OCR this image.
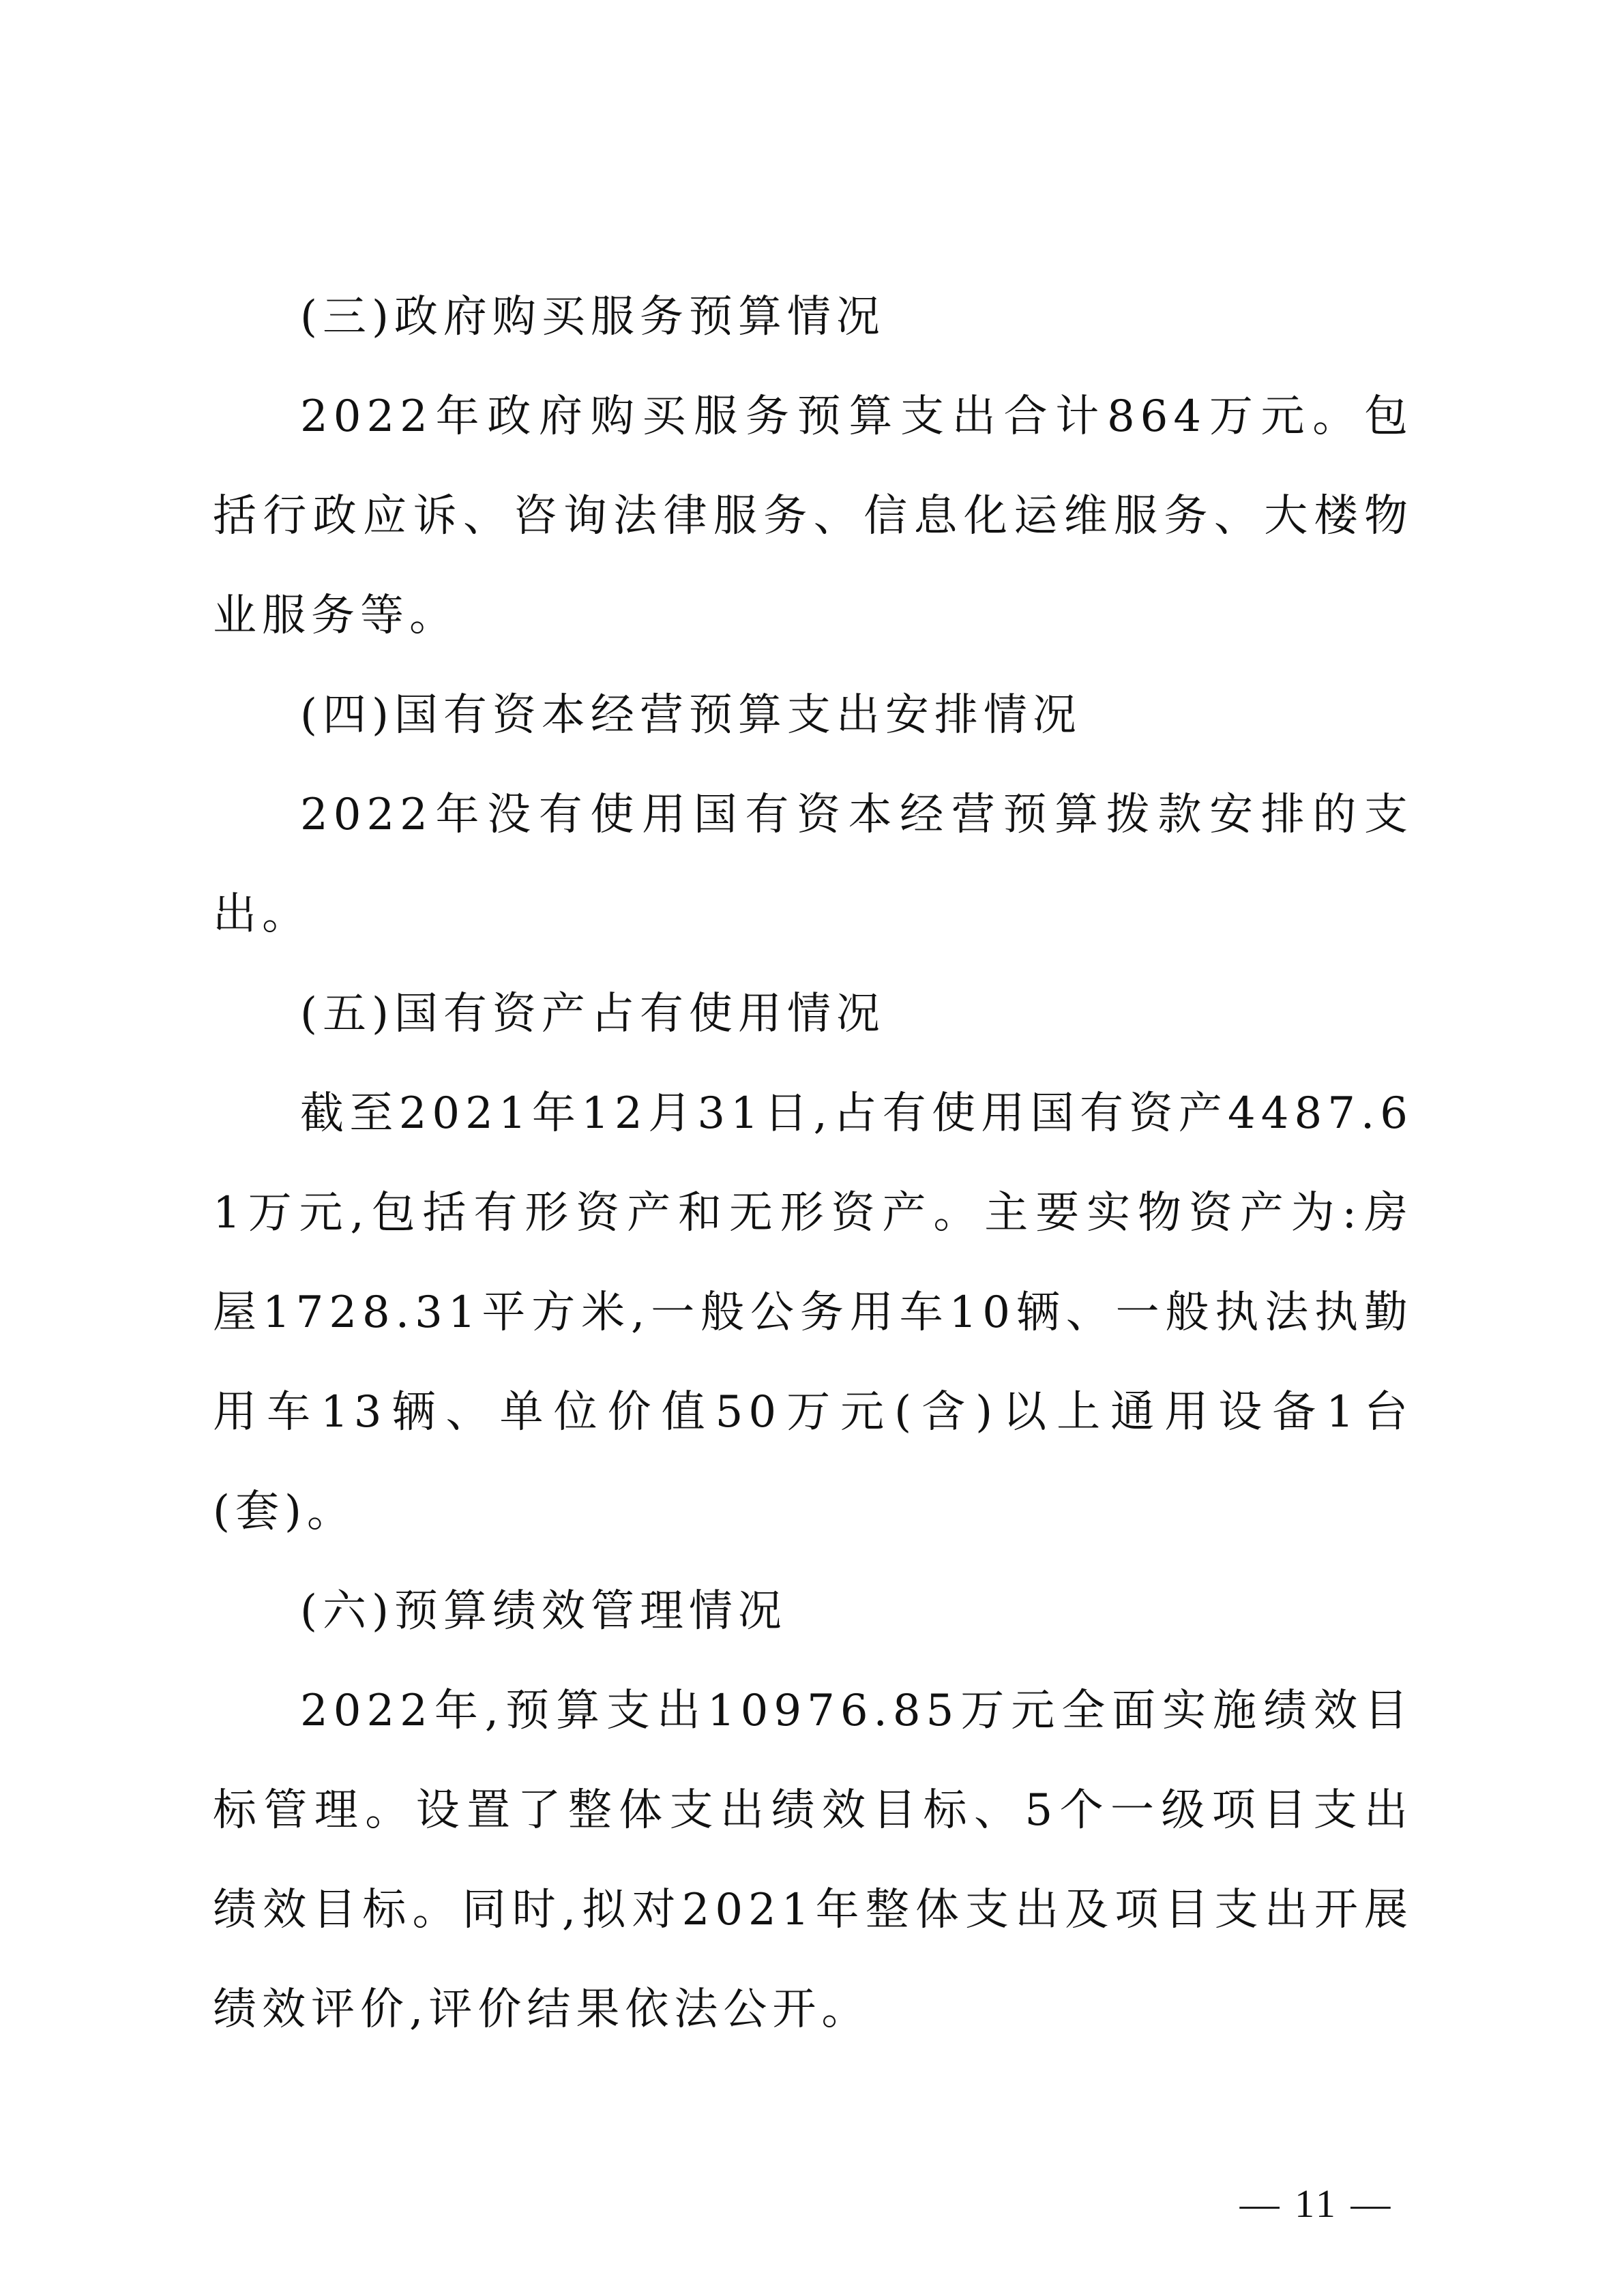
(三)政府购买服务预算情况

2022年政府购买服务预算支出合计864万元。包括行政应诉、咨询法律服务、信息化运维服务、大楼物业服务等。

(四)国有资本经营预算支出安排情况

2022年没有使用国有资本经营预算拨款安排的支出。

(五)国有资产占有使用情况

截至2021年12月31日,占有使用国有资产4487.61万元,包括有形资产和无形资产。主要实物资产为:房屋1728.31平方米,一般公务用车10辆、一般执法执勤用车13辆、单位价值50万元(含)以上通用设备1台(套)。

(六)预算绩效管理情况

2022年,预算支出10976.85万元全面实施绩效目标管理。设置了整体支出绩效目标、5个一级项目支出绩效目标。同时,拟对2021年整体支出及项目支出开展绩效评价,评价结果依法公开。

— 11 —
